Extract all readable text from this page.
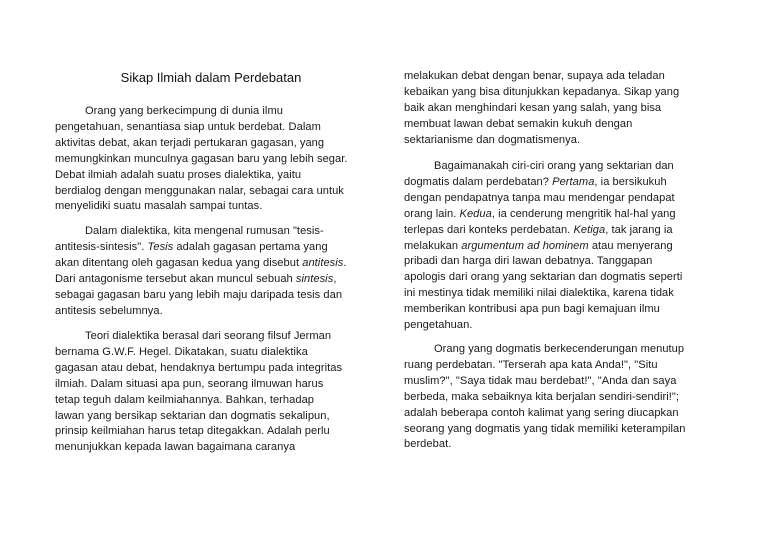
Sikap Ilmiah dalam Perdebatan
Orang yang berkecimpung di dunia ilmu
pengetahuan, senantiasa siap untuk berdebat. Dalam
aktivitas debat, akan terjadi pertukaran gagasan, yang
memungkinkan munculnya gagasan baru yang lebih segar.
Debat ilmiah adalah suatu proses dialektika, yaitu
berdialog dengan menggunakan nalar, sebagai cara untuk
menyelidiki suatu masalah sampai tuntas.
Dalam dialektika, kita mengenal rumusan "tesis-
antitesis-sintesis". Tesis adalah gagasan pertama yang
akan ditentang oleh gagasan kedua yang disebut antitesis.
Dari antagonisme tersebut akan muncul sebuah sintesis,
sebagai gagasan baru yang lebih maju daripada tesis dan
antitesis sebelumnya.
Teori dialektika berasal dari seorang filsuf Jerman
bernama G.W.F. Hegel. Dikatakan, suatu dialektika
gagasan atau debat, hendaknya bertumpu pada integritas
ilmiah. Dalam situasi apa pun, seorang ilmuwan harus
tetap teguh dalam keilmiahannya. Bahkan, terhadap
lawan yang bersikap sektarian dan dogmatis sekalipun,
prinsip keilmiahan harus tetap ditegakkan. Adalah perlu
menunjukkan kepada lawan bagaimana caranya
melakukan debat dengan benar, supaya ada teladan
kebaikan yang bisa ditunjukkan kepadanya. Sikap yang
baik akan menghindari kesan yang salah, yang bisa
membuat lawan debat semakin kukuh dengan
sektarianisme dan dogmatismenya.
Bagaimanakah ciri-ciri orang yang sektarian dan
dogmatis dalam perdebatan? Pertama, ia bersikukuh
dengan pendapatnya tanpa mau mendengar pendapat
orang lain. Kedua, ia cenderung mengritik hal-hal yang
terlepas dari konteks perdebatan. Ketiga, tak jarang ia
melakukan argumentum ad hominem atau menyerang
pribadi dan harga diri lawan debatnya. Tanggapan
apologis dari orang yang sektarian dan dogmatis seperti
ini mestinya tidak memiliki nilai dialektika, karena tidak
memberikan kontribusi apa pun bagi kemajuan ilmu
pengetahuan.
Orang yang dogmatis berkecenderungan menutup
ruang perdebatan. "Terserah apa kata Anda!", "Situ
muslim?", "Saya tidak mau berdebat!", "Anda dan saya
berbeda, maka sebaiknya kita berjalan sendiri-sendiri!";
adalah beberapa contoh kalimat yang sering diucapkan
seorang yang dogmatis yang tidak memiliki keterampilan
berdebat.
